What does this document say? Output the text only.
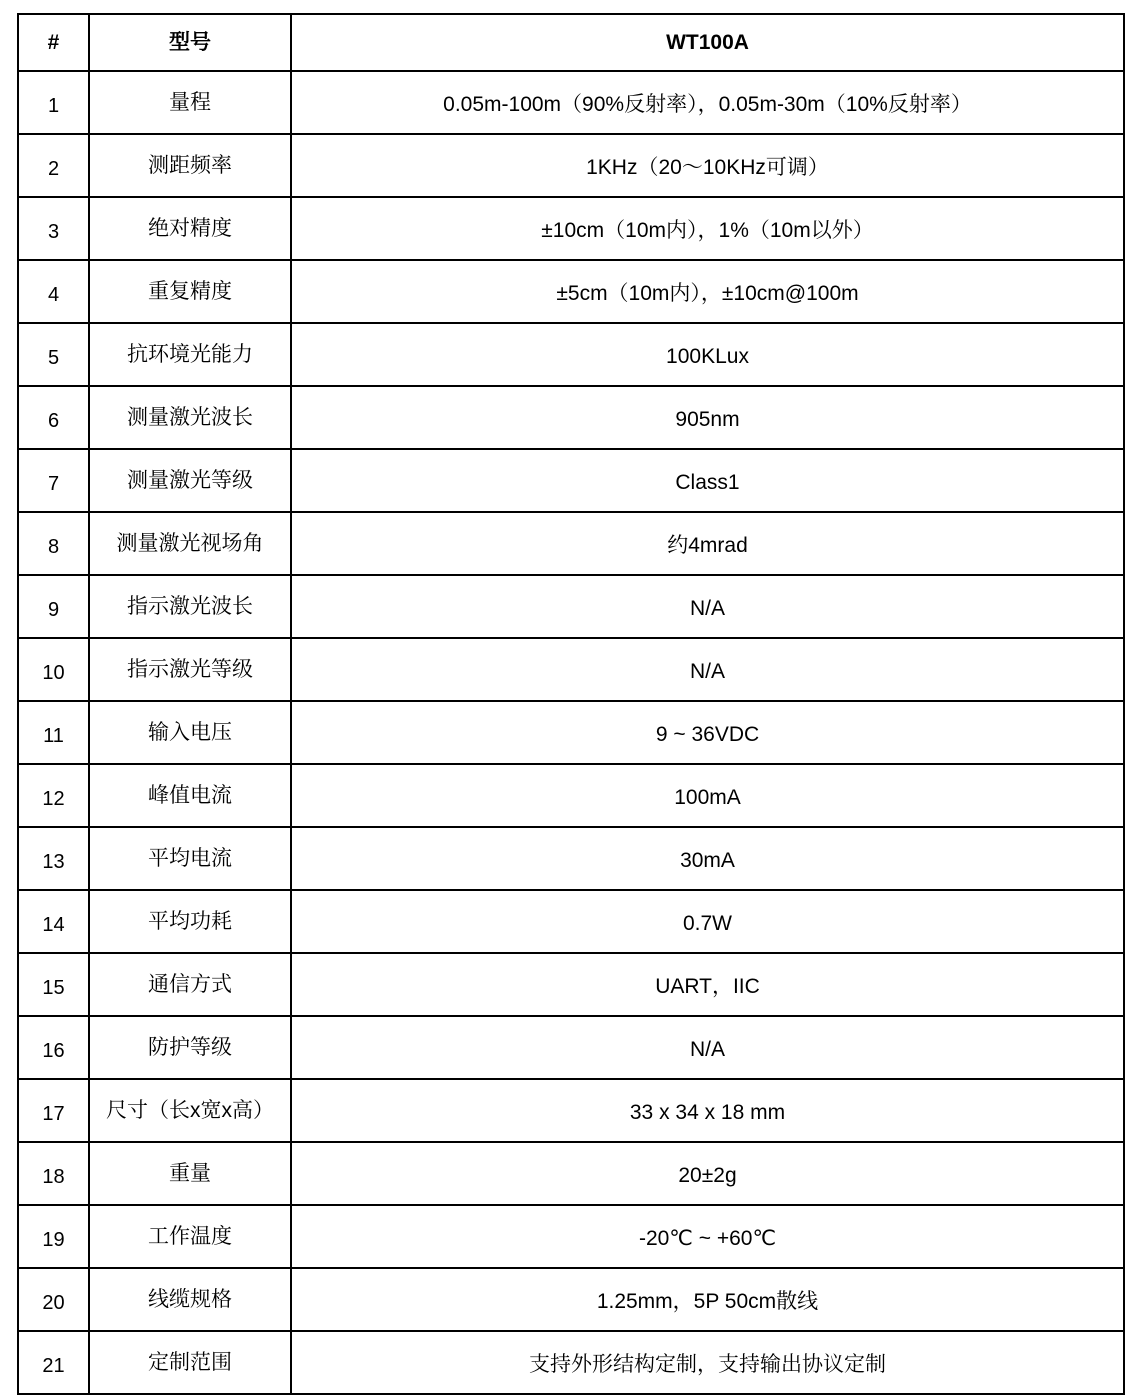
#	型号	WT100A
1	量程	0.05m-100m（90%反射率），0.05m-30m（10%反射率）
2	测距频率	1KHz（20～10KHz可调）
3	绝对精度	±10cm（10m内），1%（10m以外）
4	重复精度	±5cm（10m内），±10cm@100m
5	抗环境光能力	100KLux
6	测量激光波长	905nm
7	测量激光等级	Class1
8	测量激光视场角	约4mrad
9	指示激光波长	N/A
10	指示激光等级	N/A
11	输入电压	9 ~ 36VDC
12	峰值电流	100mA
13	平均电流	30mA
14	平均功耗	0.7W
15	通信方式	UART，IIC
16	防护等级	N/A
17	尺寸（长x宽x高）	33 x 34 x 18 mm
18	重量	20±2g
19	工作温度	-20℃ ~ +60℃
20	线缆规格	1.25mm，5P 50cm散线
21	定制范围	支持外形结构定制，支持输出协议定制
